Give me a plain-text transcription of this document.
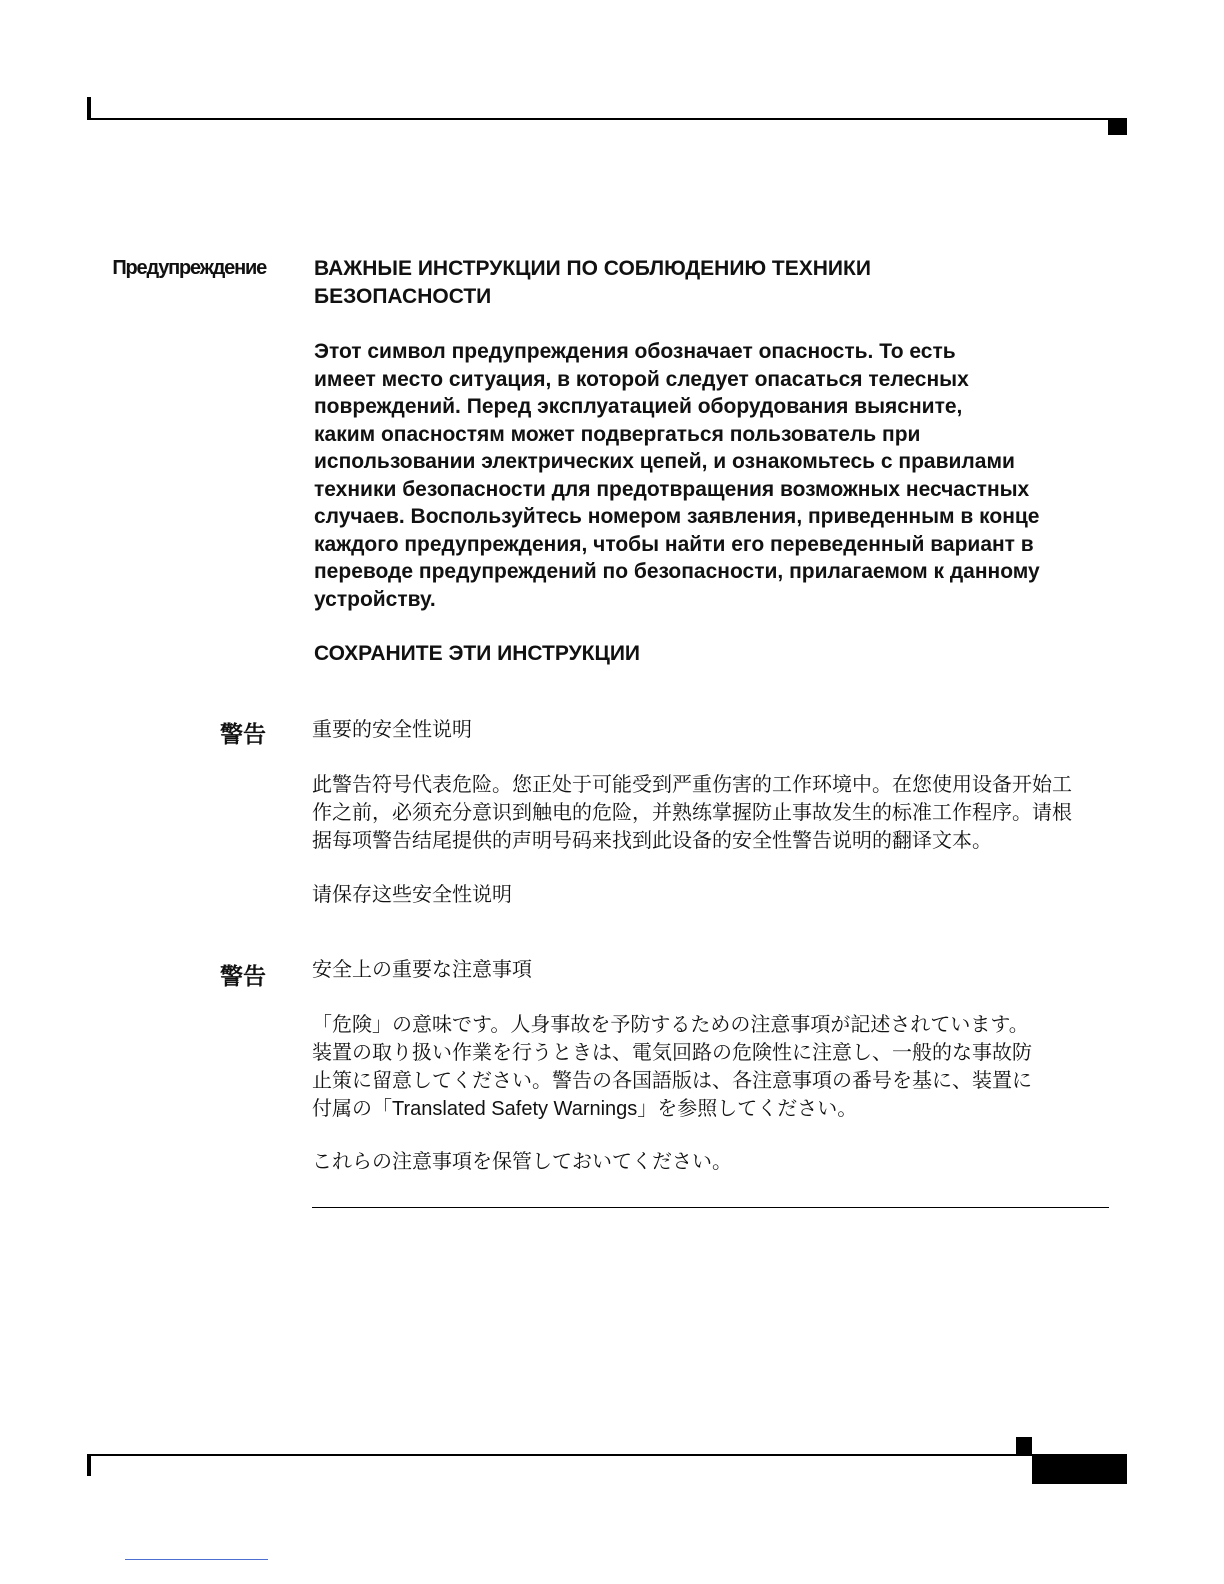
Предупреждение ВАЖНЫЕ ИНСТРУКЦИИ ПО СОБЛЮДЕНИЮ ТЕХНИКИ
БЕЗОПАСНОСТИ
Этот символ предупреждения обозначает опасность. То есть
имеет место ситуация, в которой следует опасаться телесных
повреждений. Перед эксплуатацией оборудования выясните,
каким опасностям может подвергаться пользователь при
использовании электрических цепей, и ознакомьтесь с правилами
техники безопасности для предотвращения возможных несчастных
случаев. Воспользуйтесь номером заявления, приведенным в конце
каждого предупреждения, чтобы найти его переведенный вариант в
переводе предупреждений по безопасности, прилагаемом к данному
устройству.
СОХРАНИТЕ ЭТИ ИНСТРУКЦИИ
警告 重要的安全性说明
此警告符号代表危险。您正处于可能受到严重伤害的工作环境中。在您使用设备开始工
作之前，必须充分意识到触电的危险，并熟练掌握防止事故发生的标准工作程序。请根
据每项警告结尾提供的声明号码来找到此设备的安全性警告说明的翻译文本。
请保存这些安全性说明
警告 安全上の重要な注意事項
「危険」の意味です。人身事故を予防するための注意事項が記述されています。
装置の取り扱い作業を行うときは、電気回路の危険性に注意し、一般的な事故防
止策に留意してください。警告の各国語版は、各注意事項の番号を基に、装置に
付属の「Translated Safety Warnings」を参照してください。
これらの注意事項を保管しておいてください。
